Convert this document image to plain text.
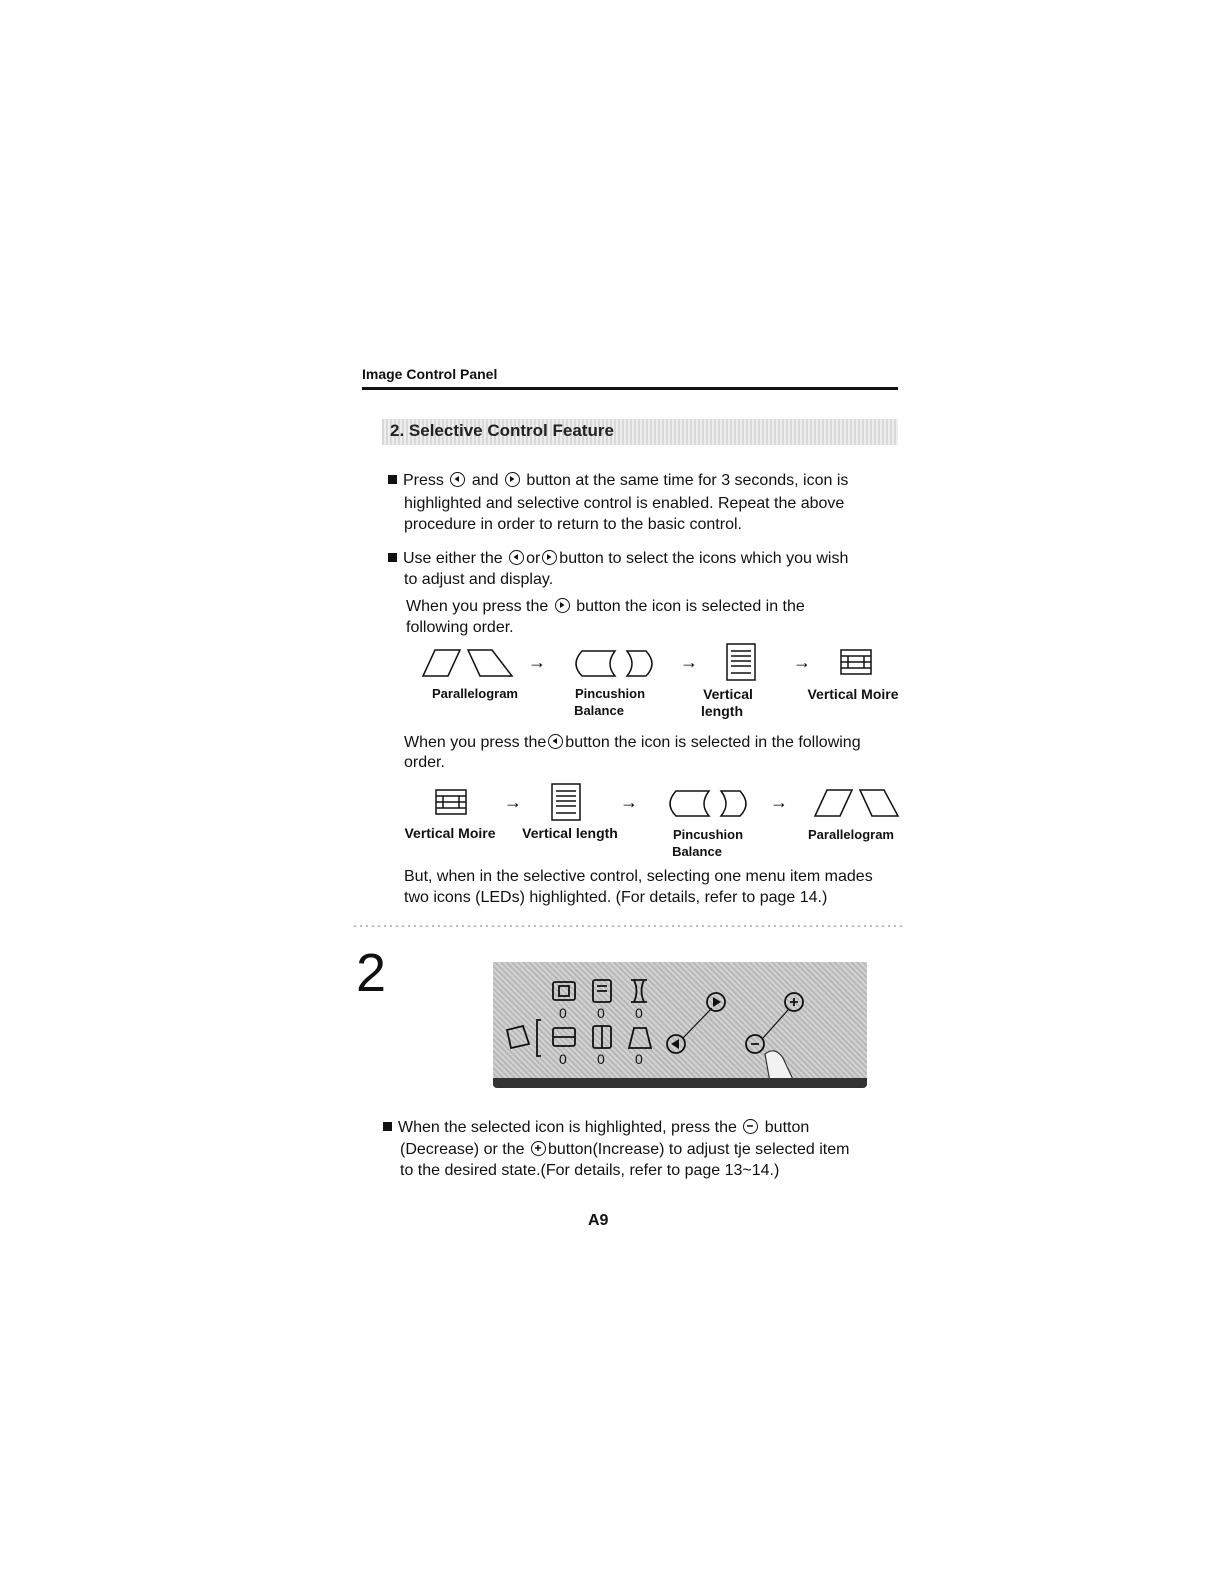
Image Control Panel
2. Selective Control Feature
Press and button at the same time for 3 seconds, icon is
highlighted and selective control is enabled. Repeat the above
procedure in order to return to the basic control.
Use either the or button to select the icons which you wish
to adjust and display.
When you press the button the icon is selected in the
following order.
→	→	→
Parallelogram	Pincushion
Balance
Vertical
length
Vertical Moire
When you press the button the icon is selected in the following
order.
→	→	→
Vertical Moire	Vertical length	Pincushion
Balance
Parallelogram
But, when in the selective control, selecting one menu item mades
two icons (LEDs) highlighted. (For details, refer to page 14.)
2
0 0 0
0 0 0
When the selected icon is highlighted, press the button
(Decrease) or the button(Increase) to adjust tje selected item
to the desired state.(For details, refer to page 13~14.)
A9
